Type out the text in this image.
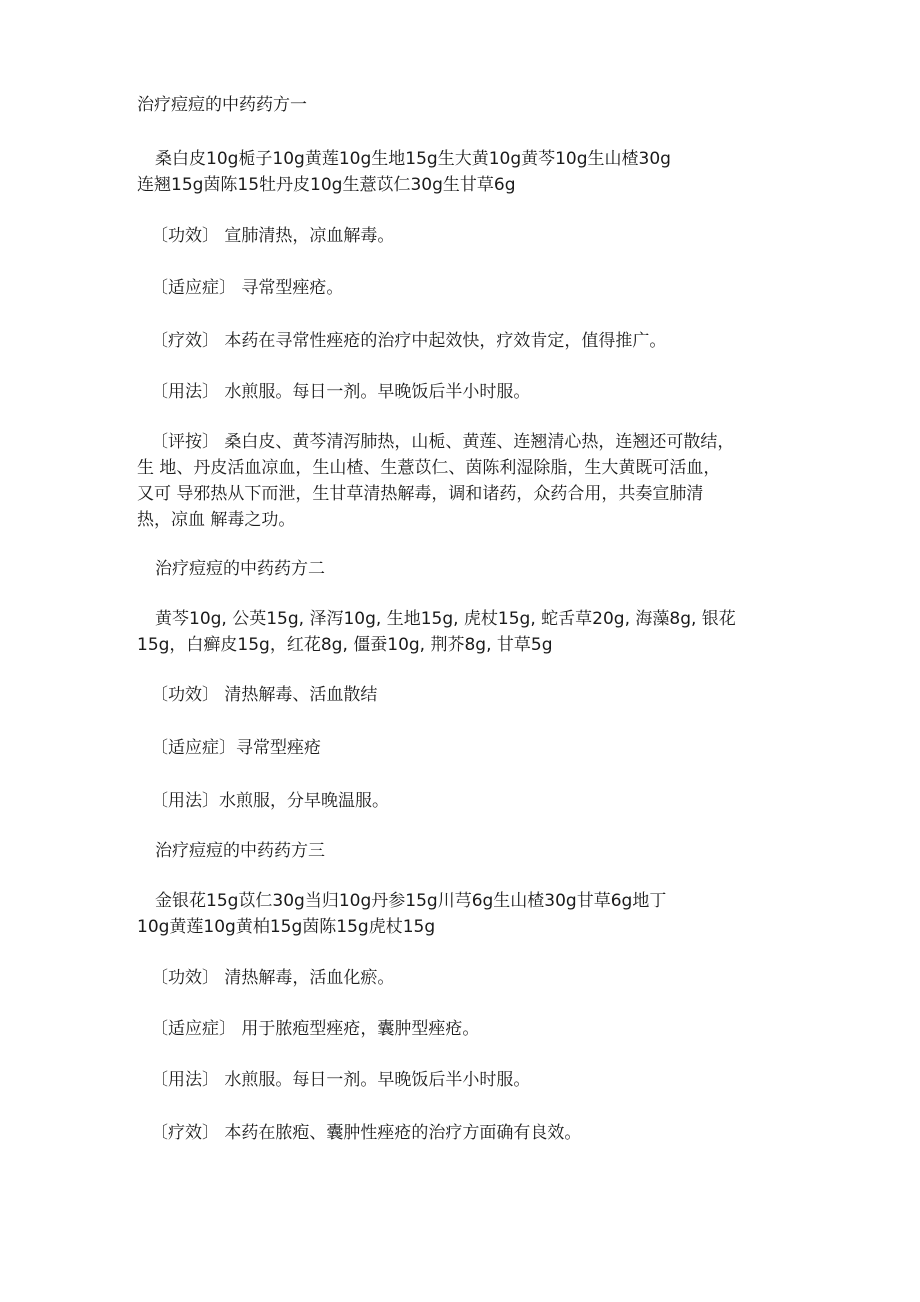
治疗痘痘的中药药方一
桑白皮10g栀子10g黄莲10g生地15g生大黄10g黄芩10g生山楂30g
连翘15g茵陈15牡丹皮10g生薏苡仁30g生甘草6g
〔功效〕 宣肺清热，凉血解毒。
〔适应症〕 寻常型痤疮。
〔疗效〕 本药在寻常性痤疮的治疗中起效快，疗效肯定，值得推广。
〔用法〕 水煎服。每日一剂。早晚饭后半小时服。
〔评按〕 桑白皮、黄芩清泻肺热，山栀、黄莲、连翘清心热，连翘还可散结，
生 地、丹皮活血凉血，生山楂、生薏苡仁、茵陈利湿除脂，生大黄既可活血，
又可 导邪热从下而泄，生甘草清热解毒，调和诸药，众药合用，共奏宣肺清
热，凉血 解毒之功。
治疗痘痘的中药药方二
黄芩10g, 公英15g, 泽泻10g, 生地15g, 虎杖15g, 蛇舌草20g, 海藻8g, 银花
15g，白癣皮15g，红花8g, 僵蚕10g, 荆芥8g, 甘草5g
〔功效〕 清热解毒、活血散结
〔适应症〕寻常型痤疮
〔用法〕水煎服，分早晚温服。
治疗痘痘的中药药方三
金银花15g苡仁30g当归10g丹参15g川芎6g生山楂30g甘草6g地丁
10g黄莲10g黄柏15g茵陈15g虎杖15g
〔功效〕 清热解毒，活血化瘀。
〔适应症〕 用于脓疱型痤疮，囊肿型痤疮。
〔用法〕 水煎服。每日一剂。早晚饭后半小时服。
〔疗效〕 本药在脓疱、囊肿性痤疮的治疗方面确有良效。
